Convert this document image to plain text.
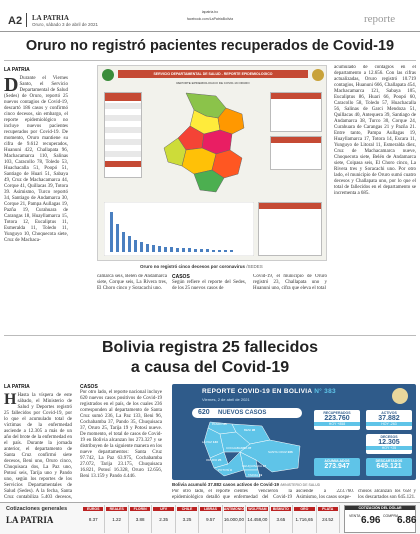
A2 LA PATRIA
Oruro, sábado 3 de abril de 2021
lapatria.bo
facebook.com/LaPatriaBolivia	reporte
Oruro no registró pacientes recuperados de Covid-19
LA PATRIA
D Durante el Viernes Santo, el Servicio Departamental de Salud (Sedes) de Oruro, reportó 25 nuevos contagios de Covid-19, descartó 186 casos y confirmó cinco decesos, sin embargo, el reporte epidemiológico no incluye nuevos pacientes recuperados por Covid-19. De momento, Oruro mantiene su cifra de 9.612 recuperados, Huanuni 422, Challapata 96, Machacamarca 110, Salinas 103, Caracollo 78, Toledo 53, Huachacalla 51, Poopó 51, Santiago de Huari 51, Sabaya 49, Cruz de Machacamarca 44, Corque 41, Quillacas 39, Totora 39. Asimismo, Turco reportó 34, Santiago de Andamarca 30, Corque 21, Pampa Aullagas 19, Pazña 19, Curahuara de Carangas 18, Huayllamarca 15, Totora 12, Eucaliptus 11, Esmeralda 11, Toledo 11, Yunguyo 10, Choquecota siete, Cruz de Machaca-
SERVICIO DEPARTAMENTAL DE SALUD - REPORTE EPIDEMIOLOGICO
REPORTE EPIDEMIOLOGICO DE COVID-19 ORURO
Oruro no registró cinco decesos por coronavirus /SEDES
camarca seis, Belén de Andamarca siete, Corque seis, La Rivera tres, El Choro cinco y Soracachi uno.
CASOS
Según refiere el reporte del Sedes, de los 25 nuevos casos de
Covid-19, el municipio de Oruro registró 23, Challapata uno y Huanuni uno, cifra que eleva el total
acumulado de contagios en el departamento a 12.656. Con las cifras actualizadas, Oruro registró 10.719 contagios, Huanuni 666, Challapata 454, Machacamarca 121, Sabaya 105, Eucaliptus 86, Huari 66, Poopó 60, Caracollo 58, Toledo 57, Huachacalla 56, Salinas de Garci Mendoza 51, Quillacas 40, Antequera 39, Santiago de Andamarca 38, Turco 30, Corque 24, Curahuara de Carangas 21 y Pazña 21. Entre tanto, Pampa Aullagas 19, Huayllamarca 17, Totora 14, Escara 11, Yunguyo de Litoral 11, Esmeralda diez, Cruz de Machacamarca nueve, Choquecota siete, Belén de Andamarca siete, Coipasa seis, El Choro cinco, La Rivera tres y Soracachi uno. Por otro lado, el municipio de Oruro sumó cuatro decesos y Challapata uno, por lo que el total de fallecidos en el departamento se incrementa a 685.
Bolivia registra 25 fallecidos
a causa del Covid-19
LA PATRIA
H Hasta la víspera de este sábado, el Ministerio de Salud y Deportes registró 25 fallecidos por Covid-19, por lo que el acumulado total de víctimas de la enfermedad asciende a 12.305 a más de un año del brote de la enfermedad en el país. Durante la jornada anterior, el departamento de Santa Cruz confirmó siete decesos, Beni uno, Oruro cinco, Chuquisaca dos, La Paz uno, Potosí seis, Tarija uno y Pando uno, según los reportes de los Servicios Departamentales de Salud (Sedes). A la fecha, Santa Cruz contabiliza 5.403 decesos,
CASOS
Por otro lado, el reporte nacional incluye 620 nuevos casos positivos de Covid-19 registrados en el país, de los cuales 236 corresponden al departamento de Santa Cruz sumó 236, La Paz 133, Beni 96, Cochabamba 37, Pando 35, Chuquisaca 37, Oruro 25, Tarija 19 y Potosí nueve. De momento, el total de casos de Covid-19 en Bolivia alcanzan los 273.327 y se distribuyen de la siguiente manera en los nueve departamentos: Santa Cruz 97.742, La Paz 63.975, Cochabamba 27.072, Tarija 23.175, Chuquisaca 16.821, Potosí 16.328, Oruro 12.656, Beni 13.159 y Pando 4.446.
REPORTE COVID-19 EN BOLIVIA N° 383
Viernes, 2 de abril de 2021
620 NUEVOS CASOS
PANDO 35
BENI 96
LA PAZ 133
COCHABAMBA 37
SANTA CRUZ 236
ORURO 25
POTOSÍ 9
CHUQUISACA 37
TARIJA 19
RECUPERADOS
223.760
HOY +858
ACTIVOS
37.882
HOY -263
DECESOS
12.305
HOY +25
ACUMULADOS
273.947
DESCARTADOS
645.121
Bolivia acumuló 37.882 casos activos de Covid-19 /MINISTERIO DE SALUD
Por otro lado, el reporte epidemiológico detalló que
cientes vencieron la enfermedad del Covid-19
asciende a 223.760. Asimismo, los casos sospe-
chosos alcanzan los 658 y los descartados son 645.121.
Cotizaciones generales
LA PATRIA
EUROS
8.37
REALES
1.22
FLORIN
3.88
UFV
2.35
CHILE
3.25
LIBRAS
9.57
ANTIMONIO
16.000,00
WOLFRAM
14.458,00
BISMUTO
3.65
ORO
1.716,65
PLATA
24.52
COTIZACIÓN DEL DÓLAR
VENTA 6.96 COMPRA
6.86
